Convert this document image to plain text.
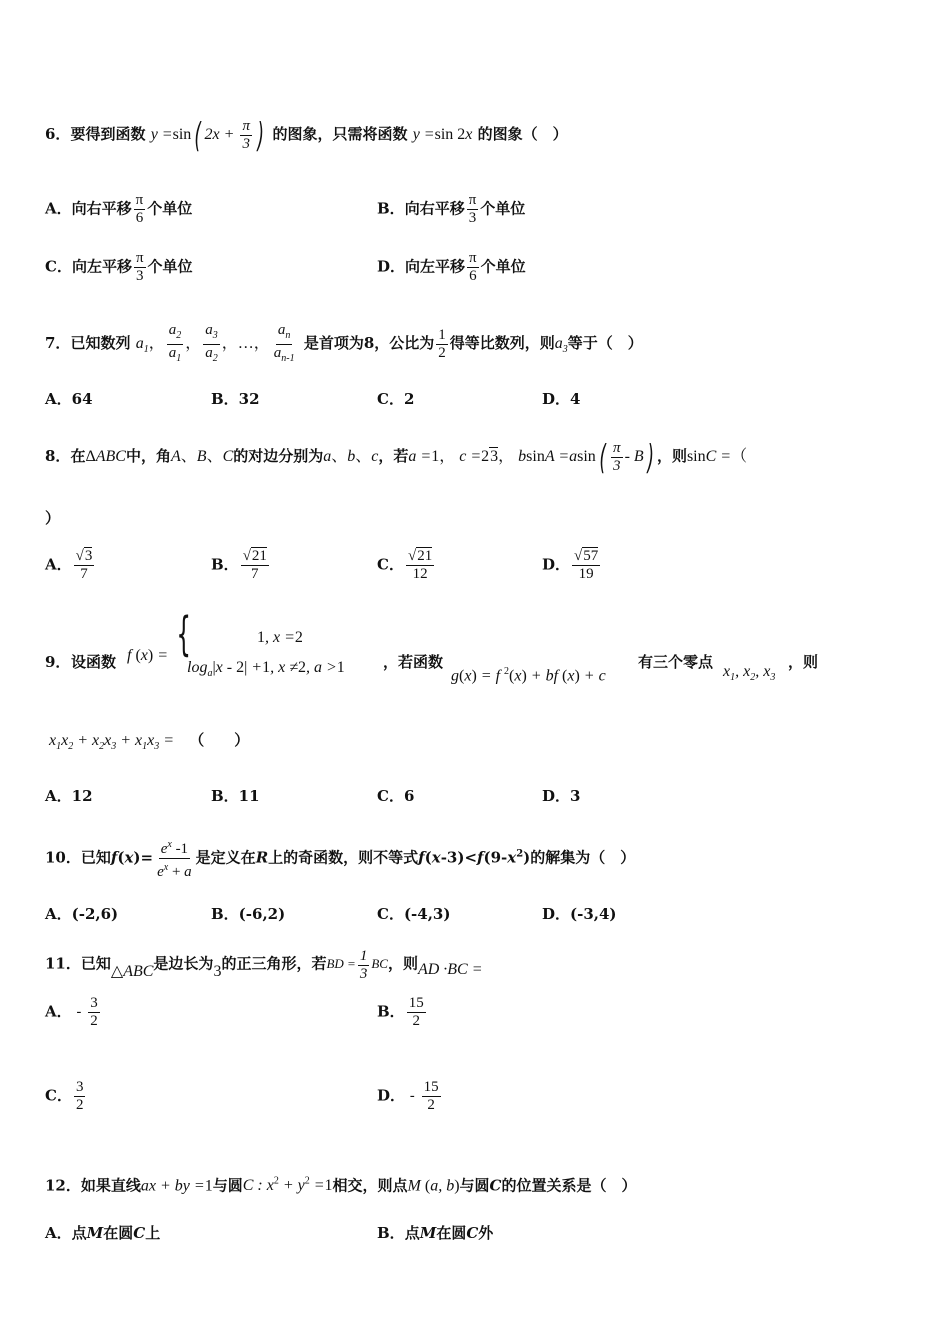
6．要得到函数 y =sin( $2x + \frac{\pi}{3}$ ) 的图象，只需将函数 y =sin 2x 的图象（　）
A．向右平移 $\frac{\pi}{6}$ 个单位	B．向右平移 $\frac{\pi}{3}$ 个单位
C．向左平移 $\frac{\pi}{3}$ 个单位	D．向左平移 $\frac{\pi}{6}$ 个单位
7．已知数列 $a_1$， $\frac{a_2}{a_1}$ ， $\frac{a_3}{a_2}$ ，…， $\frac{a_n}{a_{n-1}}$ 是首项为8，公比为 $\frac{1}{2}$ 得等比数列，则$a_3$等于（　）
A．64	B．32	C．2	D．4
8．在ΔABC中，角A、B、C的对边分别为a、b、c，若a =1， c =23， $bsinA =asin( \frac{\pi}{3} - B)$ ，则sinC =（
）
A． $\frac{√3}{7}$	B． $\frac{√21}{7}$	C． $\frac{√21}{12}$	D． $\frac{√57}{19}$
9． 设函数 f (x) = {	1, x =2
$\log_a|x - 2| +1$, x ≠2, a >1	，若函数
g(x) = f $^2$(x) + bf (x) + c
有三个零点
$x_1$, $x_2$, $x_3$
，则
$x_1x_2 + x_2x_3 + x_1x_3$ = （　　）
A．12	B．11	C．6	D．3
10．已知$f(x)= \frac{e^x -1}{e^x + a}$ 是定义在R上的奇函数，则不等式$f(x-3)<f(9-x^2)$的解集为（　）
A．(-2,6)	B．(-6,2)	C．(-4,3)	D．(-3,4)
11．已知△ABC是边长为3的正三角形，若BD = $\frac{1}{3}$ BC，则AD ·BC =
A． - $\frac{3}{2}$	B． $\frac{15}{2}$
C． $\frac{3}{2}$	D． - $\frac{15}{2}$
12．如果直线ax + by =1与圆C : $x^2 + y^2 =1$相交，则点M (a, b)与圆C的位置关系是（　）
A．点M在圆C上	B．点M在圆C外
